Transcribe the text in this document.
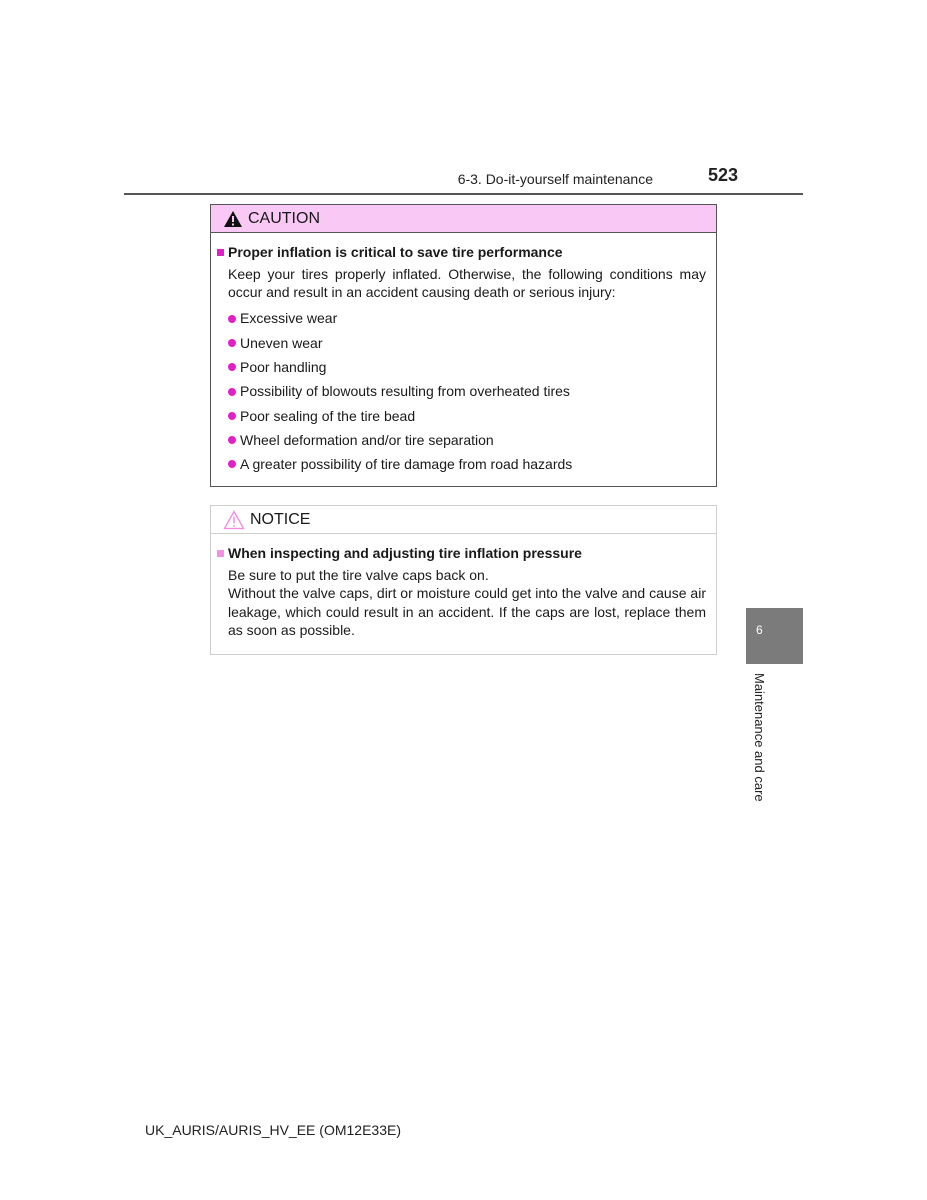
6-3. Do-it-yourself maintenance	523
CAUTION
Proper inflation is critical to save tire performance
Keep your tires properly inflated. Otherwise, the following conditions may occur and result in an accident causing death or serious injury:
Excessive wear
Uneven wear
Poor handling
Possibility of blowouts resulting from overheated tires
Poor sealing of the tire bead
Wheel deformation and/or tire separation
A greater possibility of tire damage from road hazards
NOTICE
When inspecting and adjusting tire inflation pressure
Be sure to put the tire valve caps back on.
Without the valve caps, dirt or moisture could get into the valve and cause air leakage, which could result in an accident. If the caps are lost, replace them as soon as possible.	6
Maintenance and care
UK_AURIS/AURIS_HV_EE (OM12E33E)
